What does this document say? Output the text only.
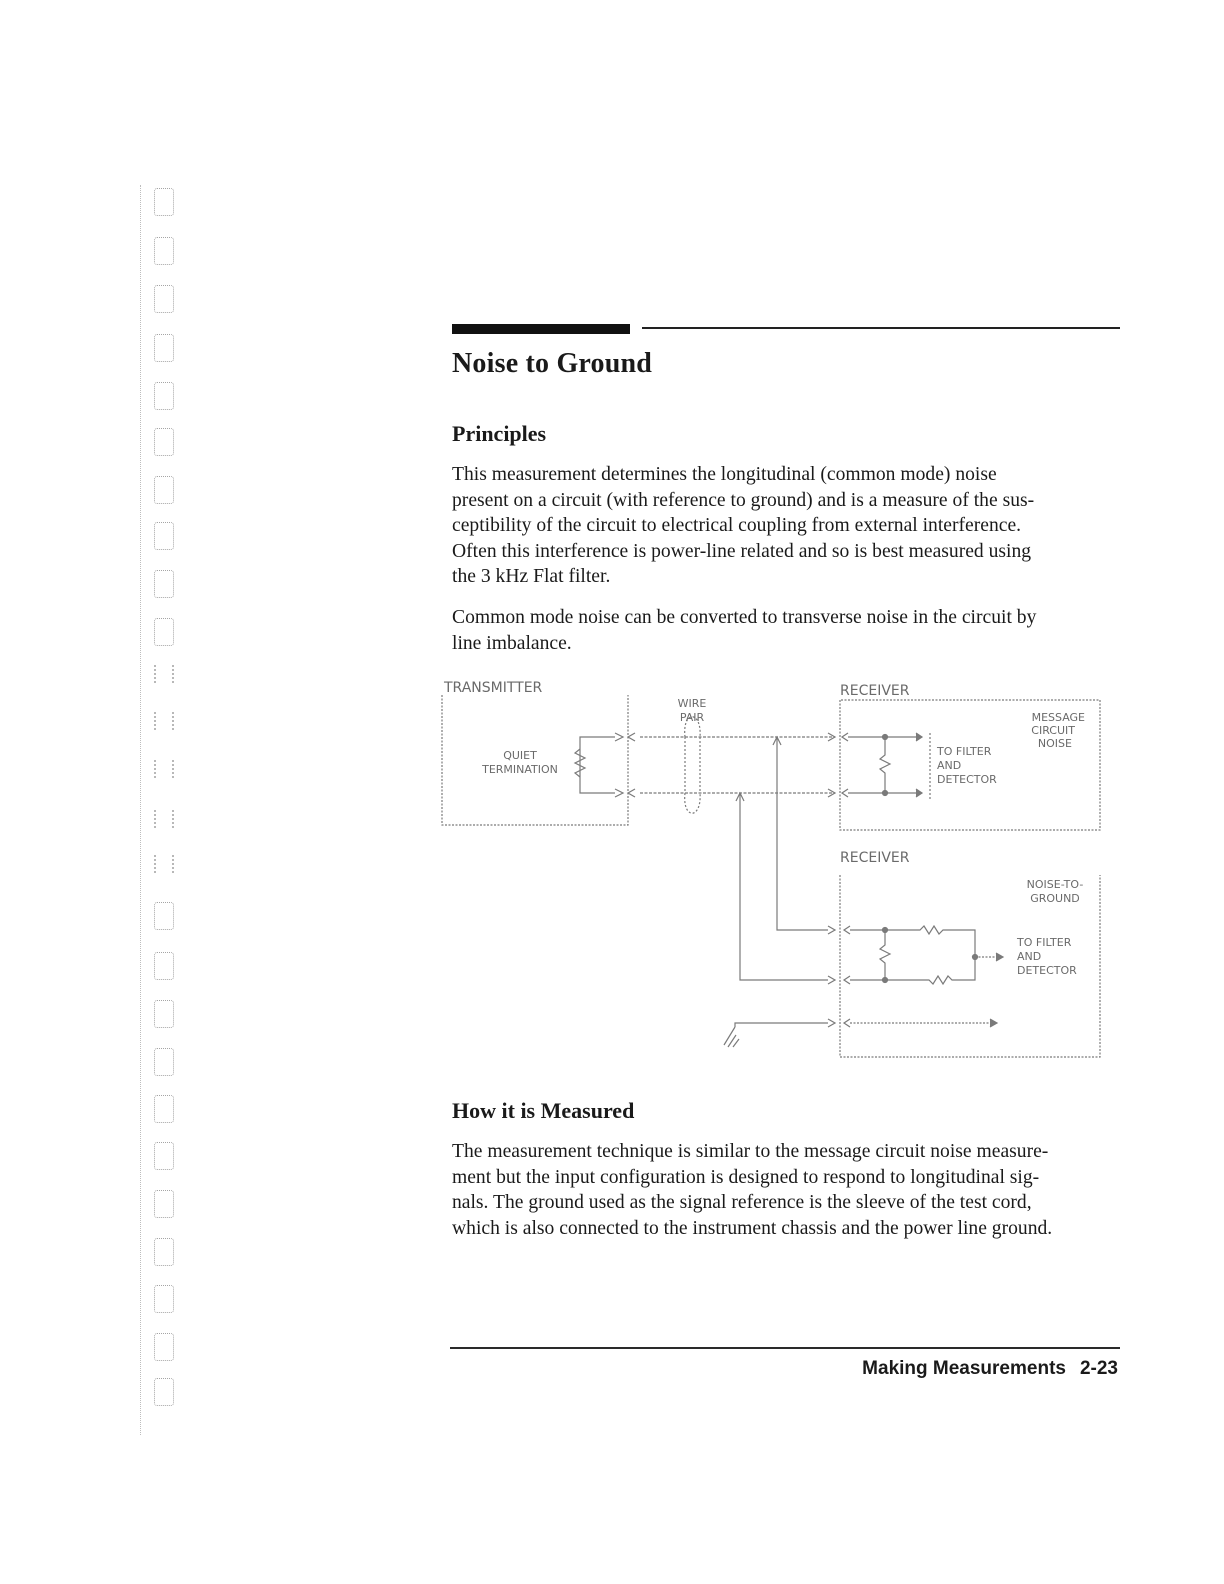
Noise to Ground
Principles

This measurement determines the longitudinal (common mode) noise
present on a circuit (with reference to ground) and is a measure of the sus-
ceptibility of the circuit to electrical coupling from external interference.
Often this interference is power-line related and so is best measured using
the 3 kHz Flat filter.

Common mode noise can be converted to transverse noise in the circuit by
line imbalance.

TRANSMITTER
QUIET
TERMINATION
WIRE
PAIR
RECEIVER
MESSAGE
CIRCUIT
NOISE
TO FILTER
AND
DETECTOR
RECEIVER
NOISE-TO-
GROUND
TO FILTER
AND
DETECTOR
How it is Measured

The measurement technique is similar to the message circuit noise measure-
ment but the input configuration is designed to respond to longitudinal sig-
nals. The ground used as the signal reference is the sleeve of the test cord,
which is also connected to the instrument chassis and the power line ground.

Making Measurements 2-23
